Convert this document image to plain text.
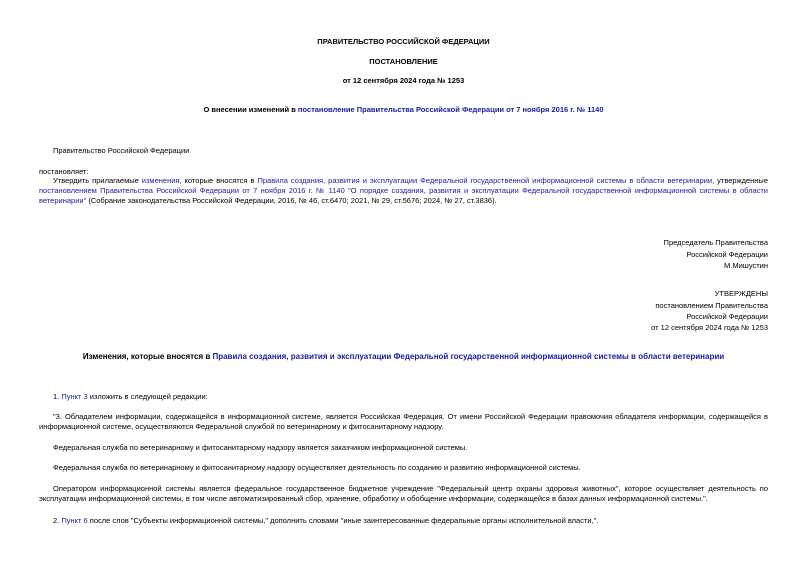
ПРАВИТЕЛЬСТВО РОССИЙСКОЙ ФЕДЕРАЦИИ
ПОСТАНОВЛЕНИЕ
от 12 сентября 2024 года № 1253
О внесении изменений в постановление Правительства Российской Федерации от 7 ноября 2016 г. № 1140
Правительство Российской Федерации
постановляет:
Утвердить прилагаемые изменения, которые вносятся в Правила создания, развития и эксплуатации Федеральной государственной информационной системы в области ветеринарии, утвержденные постановлением Правительства Российской Федерации от 7 ноября 2016 г. № 1140 "О порядке создания, развития и эксплуатации Федеральной государственной информационной системы в области ветеринарии" (Собрание законодательства Российской Федерации, 2016, № 46, ст.6470; 2021, № 29, ст.5676; 2024, № 27, ст.3836).
Председатель Правительства
Российской Федерации
М.Мишустин
УТВЕРЖДЕНЫ
постановлением Правительства
Российской Федерации
от 12 сентября 2024 года № 1253
Изменения, которые вносятся в Правила создания, развития и эксплуатации Федеральной государственной информационной системы в области ветеринарии
1. Пункт 3 изложить в следующей редакции:
"3. Обладателем информации, содержащейся в информационной системе, является Российская Федерация. От имени Российской Федерации правомочия обладателя информации, содержащейся в информационной системе, осуществляются Федеральной службой по ветеринарному и фитосанитарному надзору.
Федеральная служба по ветеринарному и фитосанитарному надзору является заказчиком информационной системы.
Федеральная служба по ветеринарному и фитосанитарному надзору осуществляет деятельность по созданию и развитию информационной системы.
Оператором информационной системы является федеральное государственное бюджетное учреждение "Федеральный центр охраны здоровья животных", которое осуществляет деятельность по эксплуатации информационной системы, в том числе автоматизированный сбор, хранение, обработку и обобщение информации, содержащейся в базах данных информационной системы.".
2. Пункт 6 после слов "Субъекты информационной системы," дополнить словами "иные заинтересованные федеральные органы исполнительной власти,".
